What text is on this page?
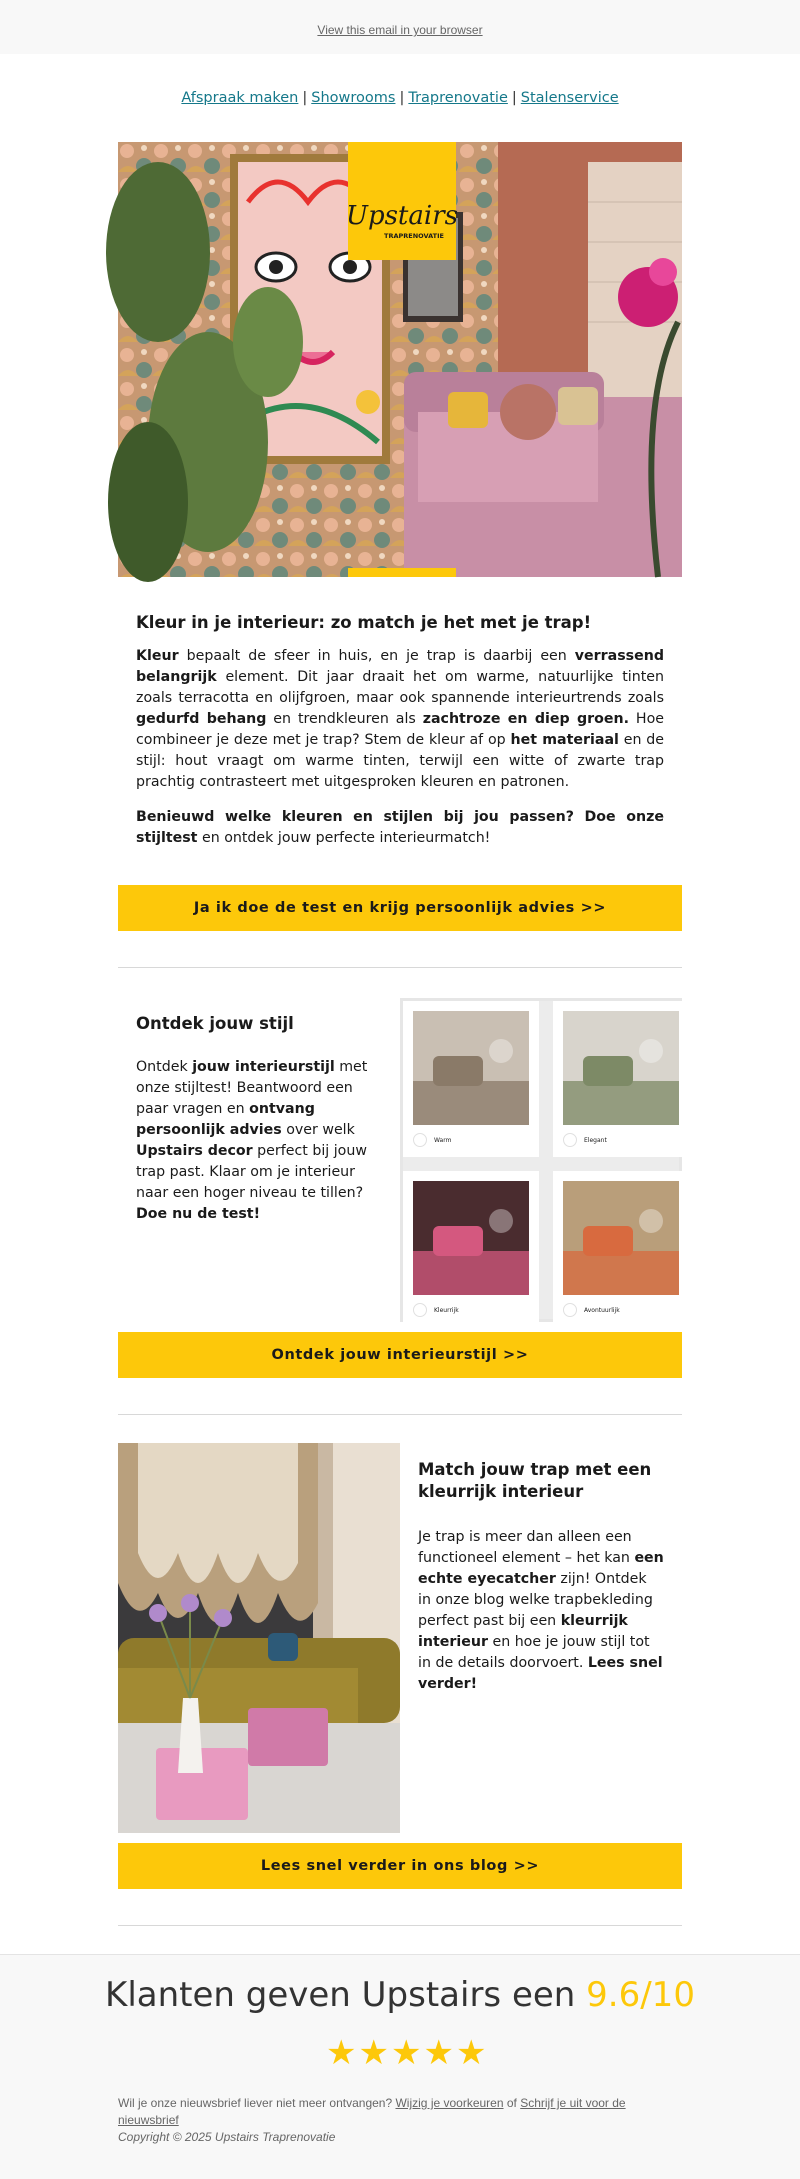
View this email in your browser
Afspraak maken | Showrooms | Traprenovatie | Stalenservice
Upstairs
TRAPRENOVATIE
Kleur in je interieur: zo match je het met je trap!

Kleur bepaalt de sfeer in huis, en je trap is daarbij een verrassend belangrijk element. Dit jaar draait het om warme, natuurlijke tinten zoals terracotta en olijfgroen, maar ook spannende interieurtrends zoals gedurfd behang en trendkleuren als zachtroze en diep groen. Hoe combineer je deze met je trap? Stem de kleur af op het materiaal en de stijl: hout vraagt om warme tinten, terwijl een witte of zwarte trap prachtig contrasteert met uitgesproken kleuren en patronen.

Benieuwd welke kleuren en stijlen bij jou passen? Doe onze stijltest en ontdek jouw perfecte interieurmatch!

Ja ik doe de test en krijg persoonlijk advies >>
Ontdek jouw stijl

Ontdek jouw interieurstijl met onze stijltest! Beantwoord een paar vragen en ontvang persoonlijk advies over welk Upstairs decor perfect bij jouw trap past. Klaar om je interieur naar een hoger niveau te tillen? Doe nu de test!

Warm	Elegant
Kleurrijk	Avontuurlijk
Ontdek jouw interieurstijl >>
Match jouw trap met een kleurrijk interieur

Je trap is meer dan alleen een functioneel element – het kan een echte eyecatcher zijn! Ontdek in onze blog welke trapbekleding perfect past bij een kleurrijk interieur en hoe je jouw stijl tot in de details doorvoert. Lees snel verder!

Lees snel verder in ons blog >>
Klanten geven Upstairs een 9.6/10
★★★★★
Wil je onze nieuwsbrief liever niet meer ontvangen? Wijzig je voorkeuren of Schrijf je uit voor de nieuwsbrief
Copyright © 2025 Upstairs Traprenovatie
